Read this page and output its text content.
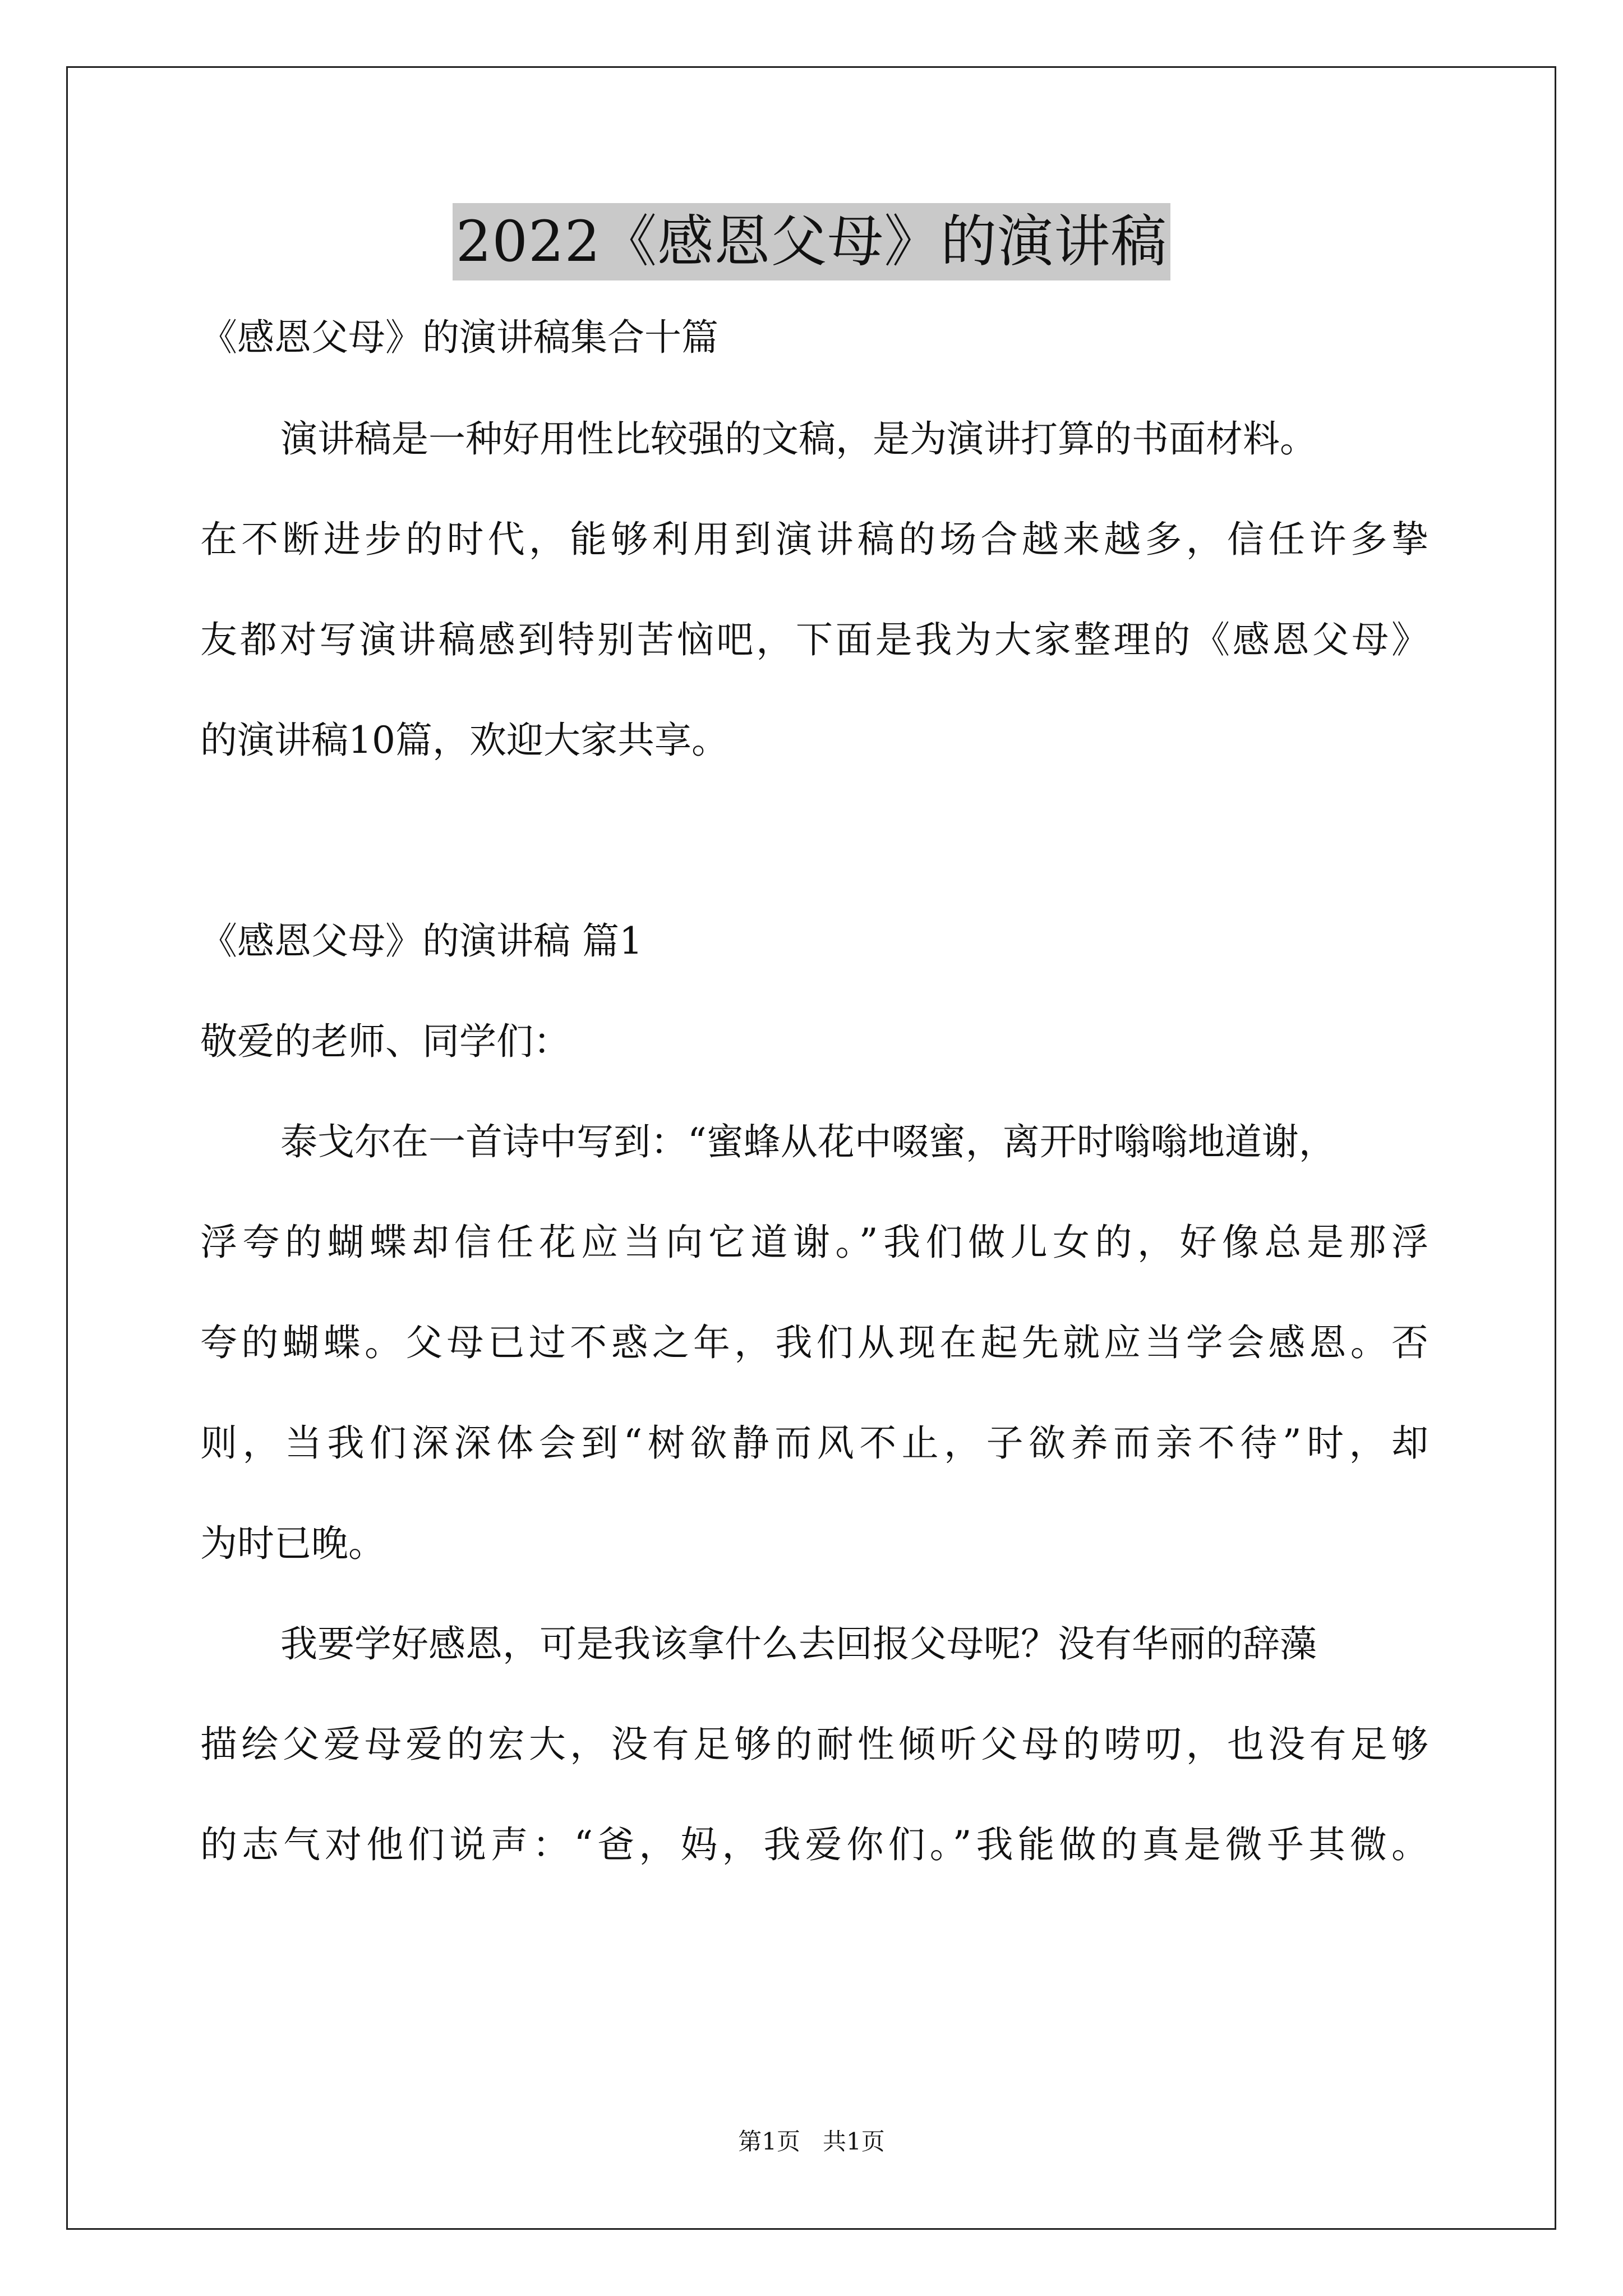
2022《感恩父母》的演讲稿
《感恩父母》的演讲稿集合十篇
演讲稿是一种好用性比较强的文稿，是为演讲打算的书面材料。
在不断进步的时代，能够利用到演讲稿的场合越来越多，信任许多挚
友都对写演讲稿感到特别苦恼吧，下面是我为大家整理的《感恩父母》
的演讲稿10篇，欢迎大家共享。
《感恩父母》的演讲稿 篇1
敬爱的老师、同学们：
泰戈尔在一首诗中写到：“蜜蜂从花中啜蜜，离开时嗡嗡地道谢，
浮夸的蝴蝶却信任花应当向它道谢。”我们做儿女的，好像总是那浮
夸的蝴蝶。父母已过不惑之年，我们从现在起先就应当学会感恩。否
则，当我们深深体会到“树欲静而风不止，子欲养而亲不待”时，却
为时已晚。
我要学好感恩，可是我该拿什么去回报父母呢？没有华丽的辞藻
描绘父爱母爱的宏大，没有足够的耐性倾听父母的唠叨，也没有足够
的志气对他们说声：“爸，妈，我爱你们。”我能做的真是微乎其微。
第1页   共1页
